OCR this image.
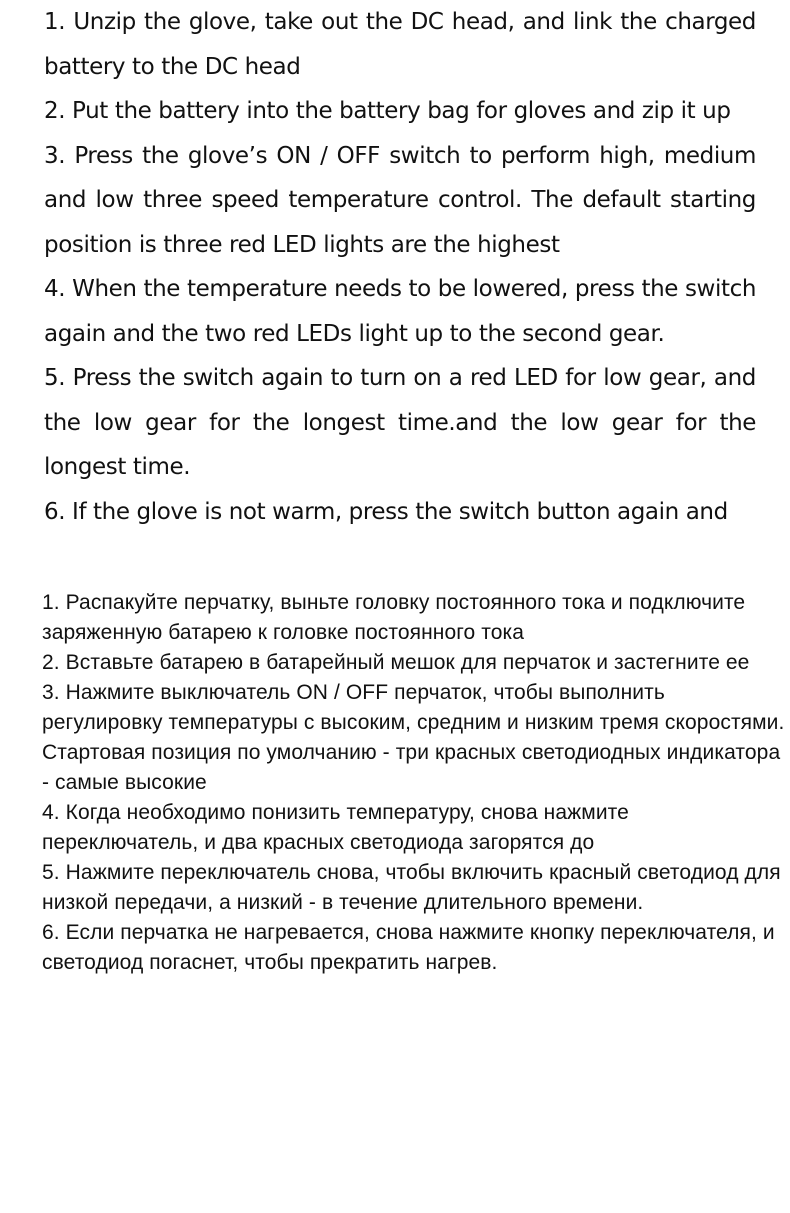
1. Unzip the glove, take out the DC head, and link the charged battery to the DC head

2. Put the battery into the battery bag for gloves and zip it up

3. Press the glove’s ON / OFF switch to perform high, medium and low three speed temperature control. The default starting position is three red LED lights are the highest

4. When the temperature needs to be lowered, press the switch again and the two red LEDs light up to the second gear.

5. Press the switch again to turn on a red LED for low gear, and the low gear for the longest time.and the low gear for the longest time.

6. If the glove is not warm, press the switch button again and

1. Распакуйте перчатку, выньте головку постоянного тока и подключите заряженную батарею к головке постоянного тока

2. Вставьте батарею в батарейный мешок для перчаток и застегните ее

3. Нажмите выключатель ON / OFF перчаток, чтобы выполнить регулировку температуры с высоким, средним и низким тремя скоростями. Стартовая позиция по умолчанию - три красных светодиодных индикатора - самые высокие

4. Когда необходимо понизить температуру, снова нажмите переключатель, и два красных светодиода загорятся до

5. Нажмите переключатель снова, чтобы включить красный светодиод для низкой передачи, а низкий - в течение длительного времени.

6. Если перчатка не нагревается, снова нажмите кнопку переключателя, и светодиод погаснет, чтобы прекратить нагрев.
